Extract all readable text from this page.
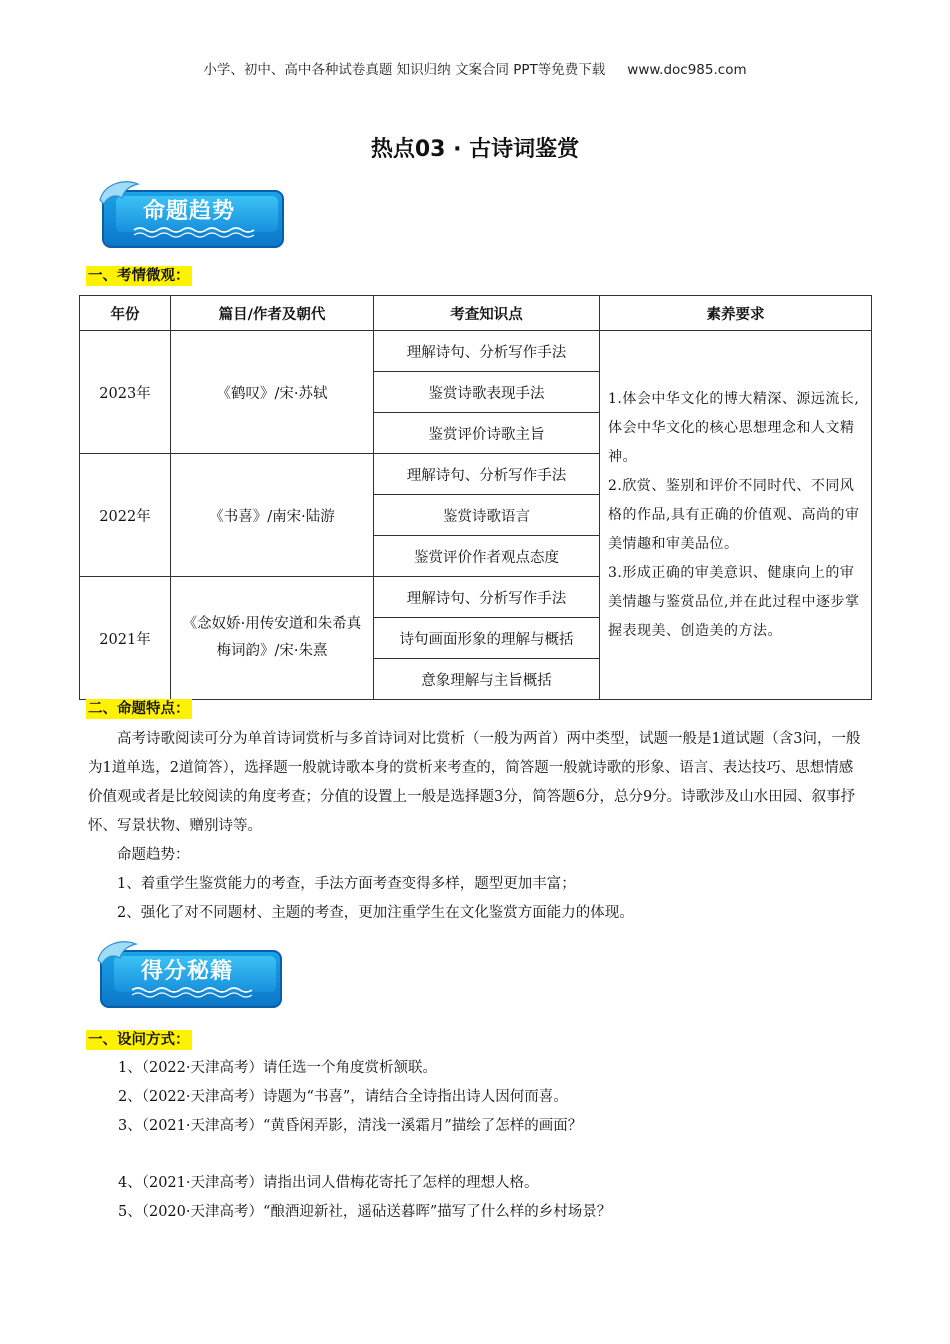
小学、初中、高中各种试卷真题 知识归纳 文案合同 PPT等免费下载 www.doc985.com
热点03 · 古诗词鉴赏
命题趋势
一、考情微观：
年份	篇目/作者及朝代	考查知识点	素养要求
2023年	《鹤叹》/宋·苏轼	理解诗句、分析写作手法	1.体会中华文化的博大精深、源远流长,体会中华文化的核心思想理念和人文精神。
2.欣赏、鉴别和评价不同时代、不同风格的作品,具有正确的价值观、高尚的审美情趣和审美品位。
3.形成正确的审美意识、健康向上的审美情趣与鉴赏品位,并在此过程中逐步掌握表现美、创造美的方法。

		鉴赏诗歌表现手法	
		鉴赏评价诗歌主旨	
2022年	《书喜》/南宋·陆游	理解诗句、分析写作手法	
		鉴赏诗歌语言	
		鉴赏评价作者观点态度	
2021年	《念奴娇·用传安道和朱希真梅词韵》/宋·朱熹	理解诗句、分析写作手法	
		诗句画面形象的理解与概括	
		意象理解与主旨概括	
二、命题特点：

高考诗歌阅读可分为单首诗词赏析与多首诗词对比赏析（一般为两首）两中类型，试题一般是1道试题（含3问，一般为1道单选，2道简答），选择题一般就诗歌本身的赏析来考查的，简答题一般就诗歌的形象、语言、表达技巧、思想情感价值观或者是比较阅读的角度考查；分值的设置上一般是选择题3分，简答题6分，总分9分。诗歌涉及山水田园、叙事抒怀、写景状物、赠别诗等。

命题趋势：

1、着重学生鉴赏能力的考查，手法方面考查变得多样，题型更加丰富；

2、强化了对不同题材、主题的考查，更加注重学生在文化鉴赏方面能力的体现。

得分秘籍
一、设问方式：
1、（2022·天津高考）请任选一个角度赏析颔联。
2、（2022·天津高考）诗题为“书喜”，请结合全诗指出诗人因何而喜。
3、（2021·天津高考）“黄昏闲弄影，清浅一溪霜月”描绘了怎样的画面？
4、（2021·天津高考）请指出词人借梅花寄托了怎样的理想人格。
5、（2020·天津高考）“酿酒迎新社，遥砧送暮晖”描写了什么样的乡村场景？
